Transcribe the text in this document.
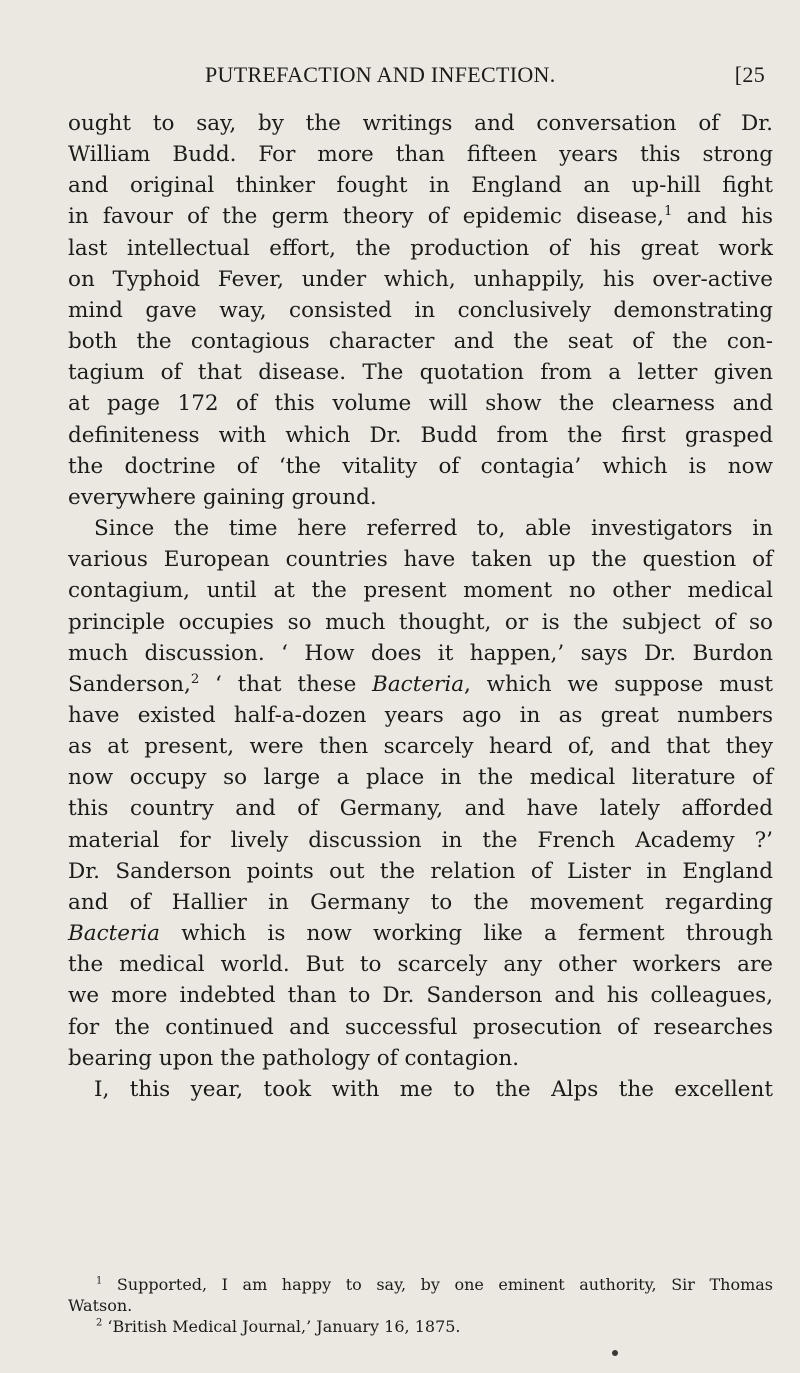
PUTREFACTION AND INFECTION.	[25
ought to say, by the writings and conversation of Dr.
William Budd. For more than fifteen years this strong
and original thinker fought in England an up-hill fight
in favour of the germ theory of epidemic disease,$^1$ and his
last intellectual effort, the production of his great work
on Typhoid Fever, under which, unhappily, his over-active
mind gave way, consisted in conclusively demonstrating
both the contagious character and the seat of the con-
tagium of that disease. The quotation from a letter given
at page 172 of this volume will show the clearness and
definiteness with which Dr. Budd from the first grasped
the doctrine of ‘the vitality of contagia’ which is now
everywhere gaining ground.
Since the time here referred to, able investigators in
various European countries have taken up the question of
contagium, until at the present moment no other medical
principle occupies so much thought, or is the subject of so
much discussion. ‘ How does it happen,’ says Dr. Burdon
Sanderson,$^2$ ‘ that these Bacteria, which we suppose must
have existed half-a-dozen years ago in as great numbers
as at present, were then scarcely heard of, and that they
now occupy so large a place in the medical literature of
this country and of Germany, and have lately afforded
material for lively discussion in the French Academy ?’
Dr. Sanderson points out the relation of Lister in England
and of Hallier in Germany to the movement regarding
Bacteria which is now working like a ferment through
the medical world. But to scarcely any other workers are
we more indebted than to Dr. Sanderson and his colleagues,
for the continued and successful prosecution of researches
bearing upon the pathology of contagion.
I, this year, took with me to the Alps the excellent
$^1$ Supported, I am happy to say, by one eminent authority, Sir Thomas
Watson.
$^2$ ‘British Medical Journal,’ January 16, 1875.
